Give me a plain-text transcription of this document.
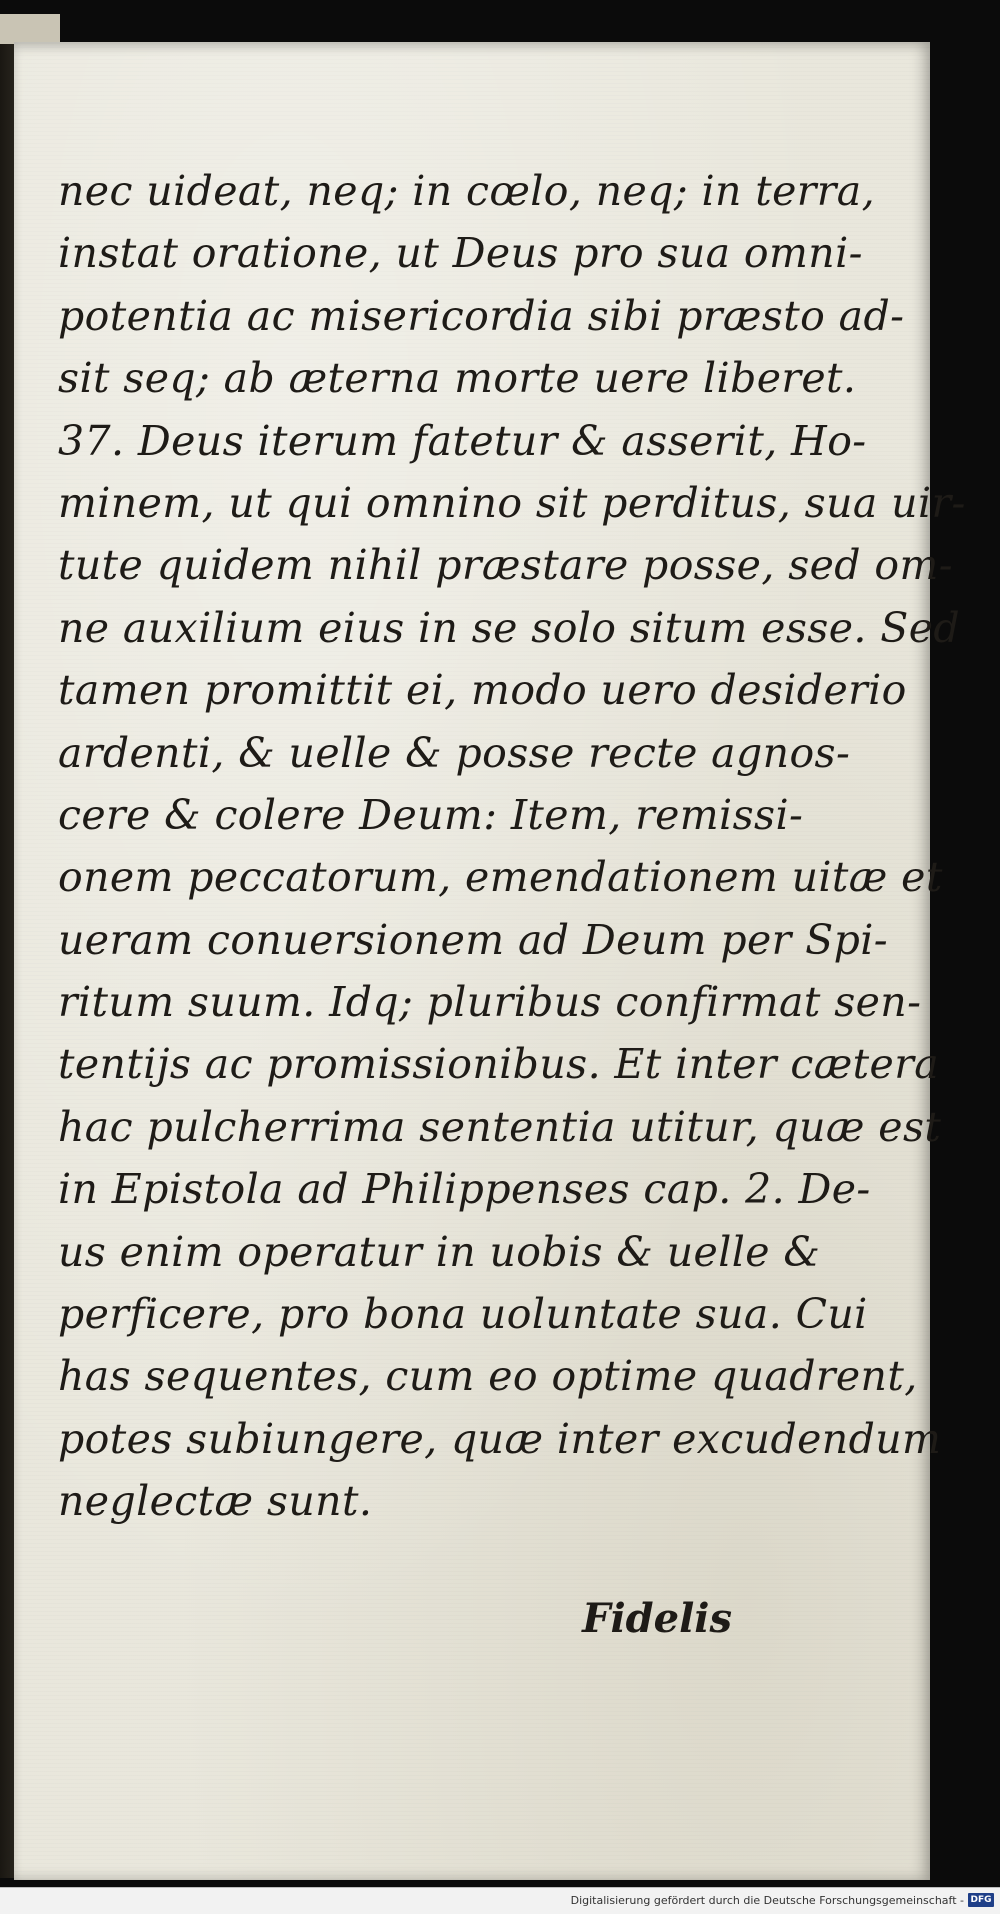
nec uideat, neq; in cœlo, neq; in terra,
instat oratione, ut Deus pro sua omni-
potentia ac misericordia sibi præsto ad-
sit seq; ab æterna morte uere liberet.
37. Deus iterum fatetur & asserit, Ho-
minem, ut qui omnino sit perditus, sua uir-
tute quidem nihil præstare posse, sed om-
ne auxilium eius in se solo situm esse. Sed
tamen promittit ei, modo uero desiderio
ardenti, & uelle & posse recte agnos-
cere & colere Deum: Item, remissi-
onem peccatorum, emendationem uitæ et
ueram conuersionem ad Deum per Spi-
ritum suum. Idq; pluribus confirmat sen-
tentijs ac promissionibus. Et inter cætera
hac pulcherrima sententia utitur, quæ est
in Epistola ad Philippenses cap. 2. De-
us enim operatur in uobis & uelle &
perficere, pro bona uoluntate sua. Cui
has sequentes, cum eo optime quadrent,
potes subiungere, quæ inter excudendum
neglectæ sunt.
Fidelis
Digitalisierung gefördert durch die Deutsche Forschungsgemeinschaft - DFG
